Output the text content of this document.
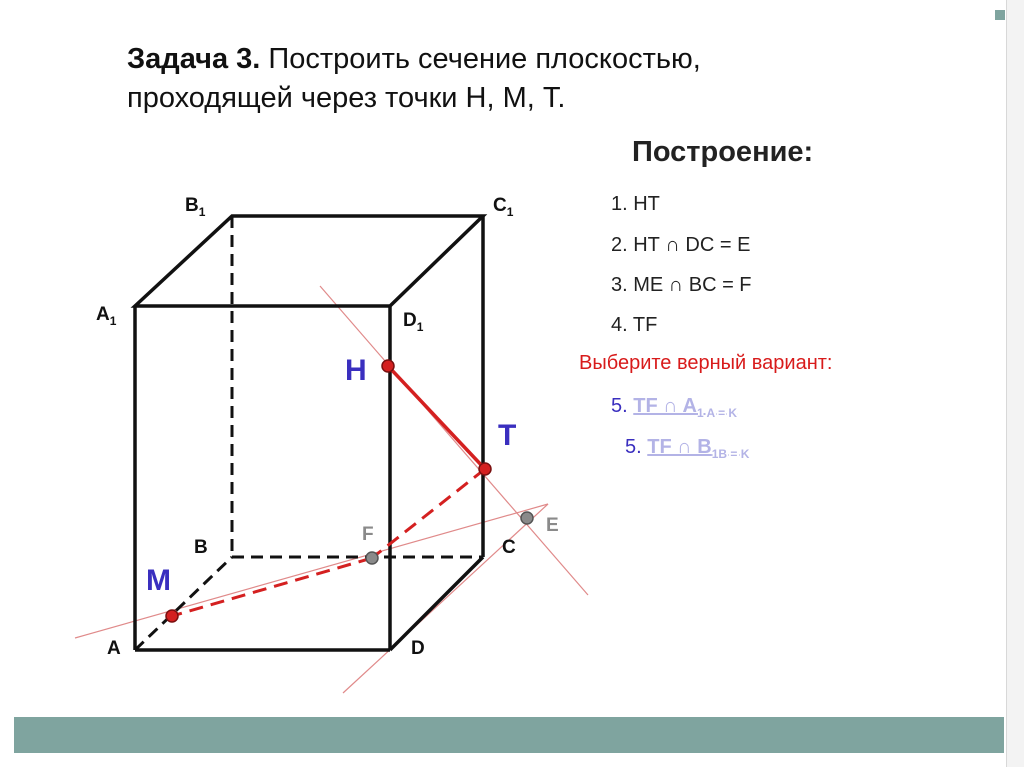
Задача 3. Построить сечение плоскостью,
проходящей через точки Н, М, Т.
Построение:
1. НТ
2. НТ ∩ DC = E
3. МE ∩ BC = F
4. TF
Выберите верный вариант:
5. TF ∩ $A_{1 A = K}$
5. TF ∩ $B_{1B = K}$
$B_1$	$C_1$
$A_1$	$D_1$
B	C
A	D
H
T
M
F	E
